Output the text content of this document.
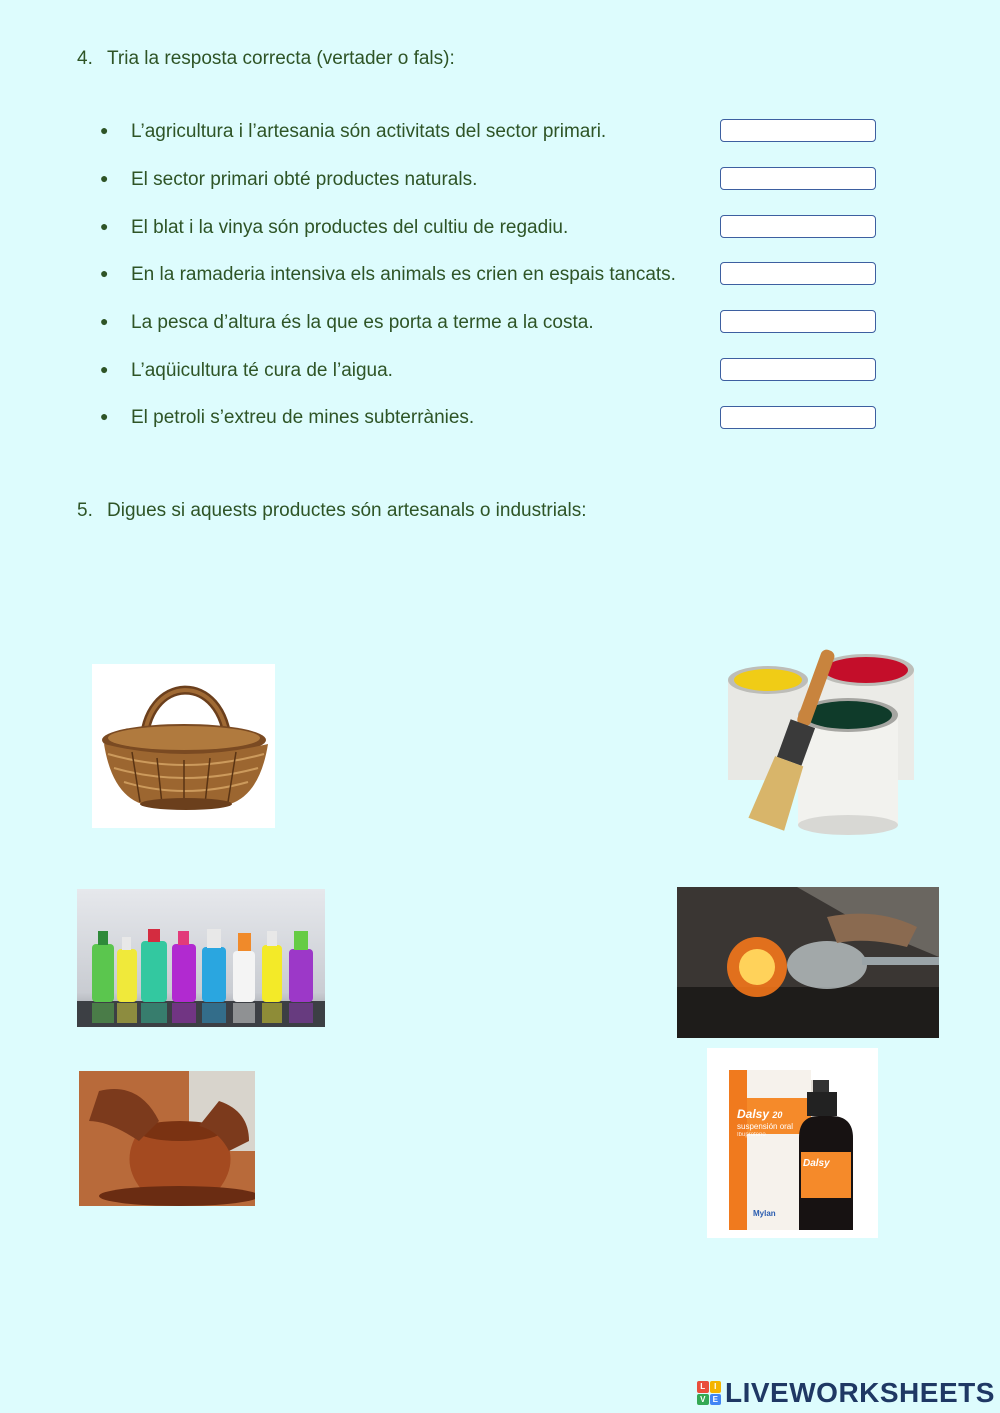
4. Tria la resposta correcta (vertader o fals):
● L’agricultura i l’artesania són activitats del sector primari.
● El sector primari obté productes naturals.
● El blat i la vinya són productes del cultiu de regadiu.
● En la ramaderia intensiva els animals es crien en espais tancats.
● La pesca d’altura és la que es porta a terme a la costa.
● L’aqüicultura té cura de l’aigua.
● El petroli s’extreu de mines subterrànies.
5. Digues si aquests productes són artesanals o industrials:
Dalsy 20
suspensión oral
Ibuprofeno
Dalsy
Mylan
L	I
V E LIVEWORKSHEETS
